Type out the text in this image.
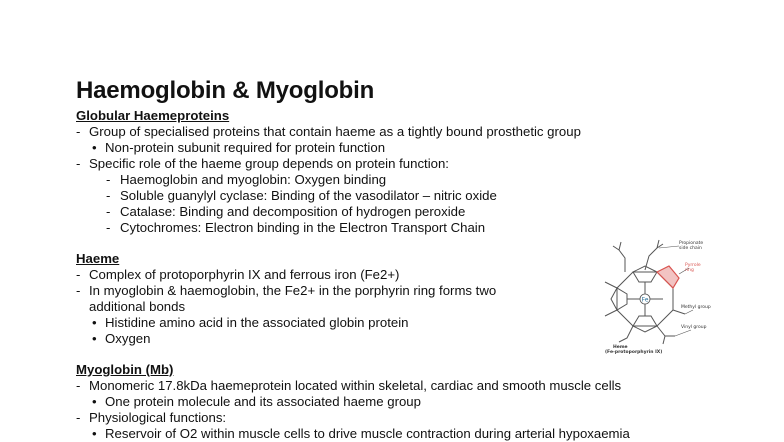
Haemoglobin & Myoglobin
Globular Haemeproteins
- Group of specialised proteins that contain haeme as a tightly bound prosthetic group
• Non-protein subunit required for protein function
- Specific role of the haeme group depends on protein function:
- Haemoglobin and myoglobin: Oxygen binding
- Soluble guanylyl cyclase: Binding of the vasodilator – nitric oxide
- Catalase: Binding and decomposition of hydrogen peroxide
- Cytochromes: Electron binding in the Electron Transport Chain
Haeme
- Complex of protoporphyrin IX and ferrous iron (Fe2+)
- In myoglobin & haemoglobin, the Fe2+ in the porphyrin ring forms two
additional bonds
• Histidine amino acid in the associated globin protein
• Oxygen
Myoglobin (Mb)
- Monomeric 17.8kDa haemeprotein located within skeletal, cardiac and smooth muscle cells
• One protein molecule and its associated haeme group
- Physiological functions:
• Reservoir of O2 within muscle cells to drive muscle contraction during arterial hypoxaemia
Fe
Propionate
side chain
Pyrrole
ring
Methyl group
Vinyl group
Heme
(Fe-protoporphyrin IX)
